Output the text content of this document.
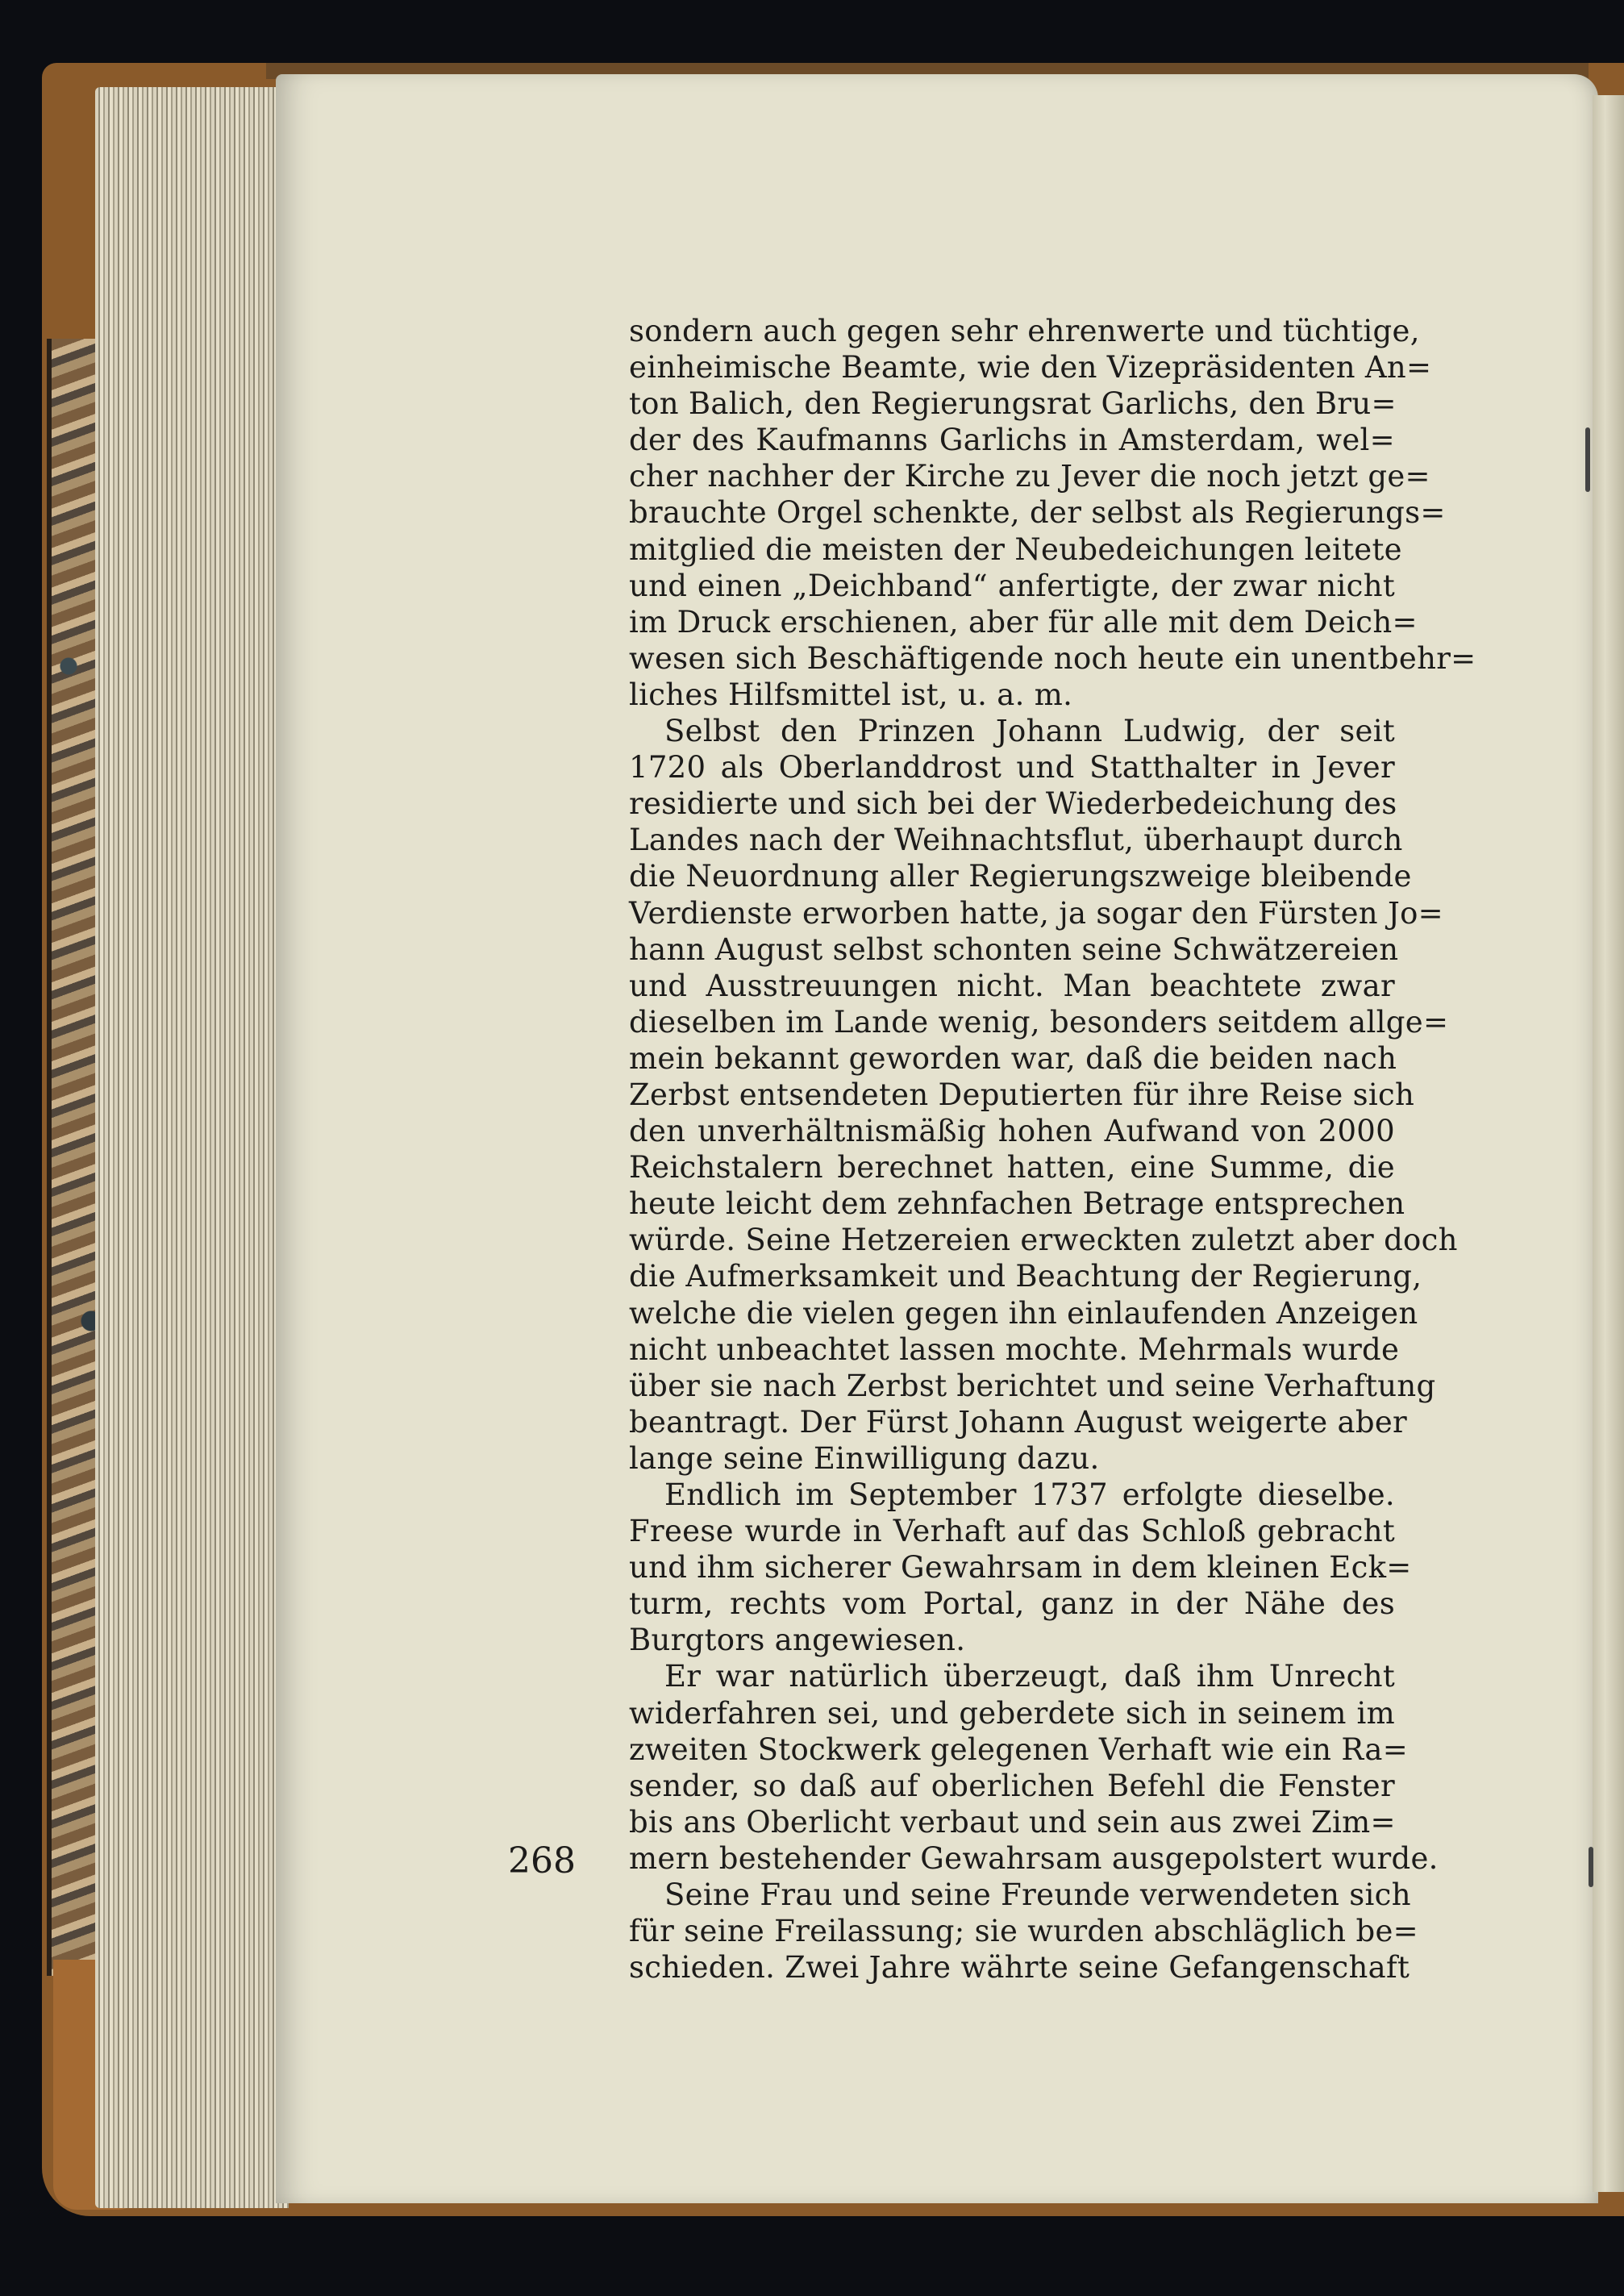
268
sondern auch gegen sehr ehrenwerte und tüchtige,
einheimische Beamte, wie den Vizepräsidenten An=
ton Balich, den Regierungsrat Garlichs, den Bru=
der des Kaufmanns Garlichs in Amsterdam, wel=
cher nachher der Kirche zu Jever die noch jetzt ge=
brauchte Orgel schenkte, der selbst als Regierungs=
mitglied die meisten der Neubedeichungen leitete
und einen „Deichband“ anfertigte, der zwar nicht
im Druck erschienen, aber für alle mit dem Deich=
wesen sich Beschäftigende noch heute ein unentbehr=
liches Hilfsmittel ist, u. a. m.
Selbst den Prinzen Johann Ludwig, der seit
1720 als Oberlanddrost und Statthalter in Jever
residierte und sich bei der Wiederbedeichung des
Landes nach der Weihnachtsflut, überhaupt durch
die Neuordnung aller Regierungszweige bleibende
Verdienste erworben hatte, ja sogar den Fürsten Jo=
hann August selbst schonten seine Schwätzereien
und Ausstreuungen nicht. Man beachtete zwar
dieselben im Lande wenig, besonders seitdem allge=
mein bekannt geworden war, daß die beiden nach
Zerbst entsendeten Deputierten für ihre Reise sich
den unverhältnismäßig hohen Aufwand von 2000
Reichstalern berechnet hatten, eine Summe, die
heute leicht dem zehnfachen Betrage entsprechen
würde. Seine Hetzereien erweckten zuletzt aber doch
die Aufmerksamkeit und Beachtung der Regierung,
welche die vielen gegen ihn einlaufenden Anzeigen
nicht unbeachtet lassen mochte. Mehrmals wurde
über sie nach Zerbst berichtet und seine Verhaftung
beantragt. Der Fürst Johann August weigerte aber
lange seine Einwilligung dazu.
Endlich im September 1737 erfolgte dieselbe.
Freese wurde in Verhaft auf das Schloß gebracht
und ihm sicherer Gewahrsam in dem kleinen Eck=
turm, rechts vom Portal, ganz in der Nähe des
Burgtors angewiesen.
Er war natürlich überzeugt, daß ihm Unrecht
widerfahren sei, und geberdete sich in seinem im
zweiten Stockwerk gelegenen Verhaft wie ein Ra=
sender, so daß auf oberlichen Befehl die Fenster
bis ans Oberlicht verbaut und sein aus zwei Zim=
mern bestehender Gewahrsam ausgepolstert wurde.
Seine Frau und seine Freunde verwendeten sich
für seine Freilassung; sie wurden abschläglich be=
schieden. Zwei Jahre währte seine Gefangenschaft
